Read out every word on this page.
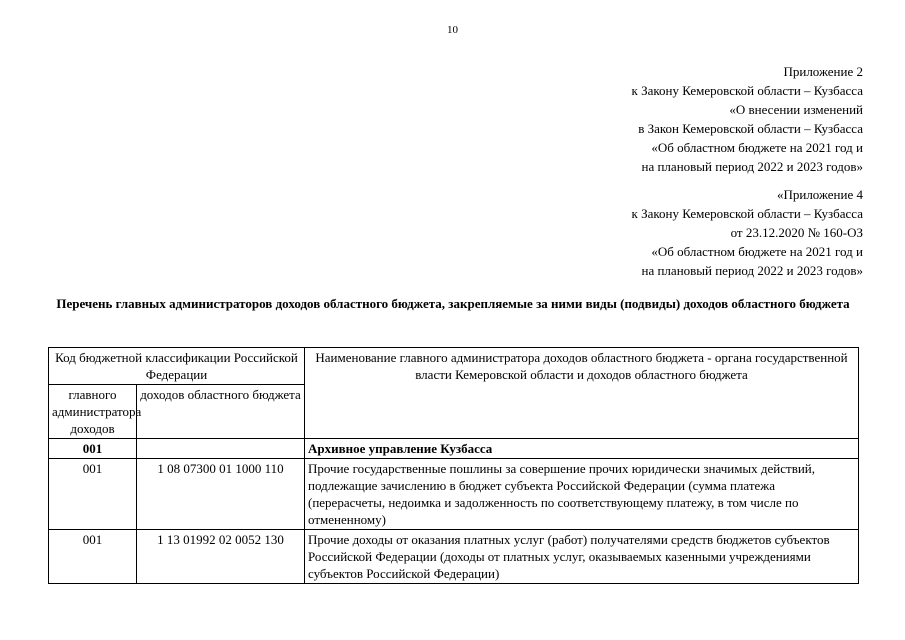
10
Приложение 2
к Закону Кемеровской области – Кузбасса
«О внесении изменений
в Закон Кемеровской области – Кузбасса
«Об областном бюджете на 2021 год и
на плановый период 2022 и 2023 годов»
«Приложение 4
к Закону Кемеровской области – Кузбасса
от 23.12.2020 № 160-ОЗ
«Об областном бюджете на 2021 год и
на плановый период 2022 и 2023 годов»
Перечень главных администраторов доходов областного бюджета, закрепляемые за ними виды (подвиды) доходов областного бюджета
Код бюджетной классификации Российской Федерации		Наименование главного администратора доходов областного бюджета - органа государственной власти Кемеровской области и доходов областного бюджета
главного администратора доходов	доходов областного бюджета	
001		Архивное управление Кузбасса
001	1 08 07300 01 1000 110	Прочие государственные пошлины за совершение прочих юридически значимых действий, подлежащие зачислению в бюджет субъекта Российской Федерации (сумма платежа (перерасчеты, недоимка и задолженность по соответствующему платежу, в том числе по отмененному)
001	1 13 01992 02 0052 130	Прочие доходы от оказания платных услуг (работ) получателями средств бюджетов субъектов Российской Федерации (доходы от платных услуг, оказываемых казенными учреждениями субъектов Российской Федерации)
